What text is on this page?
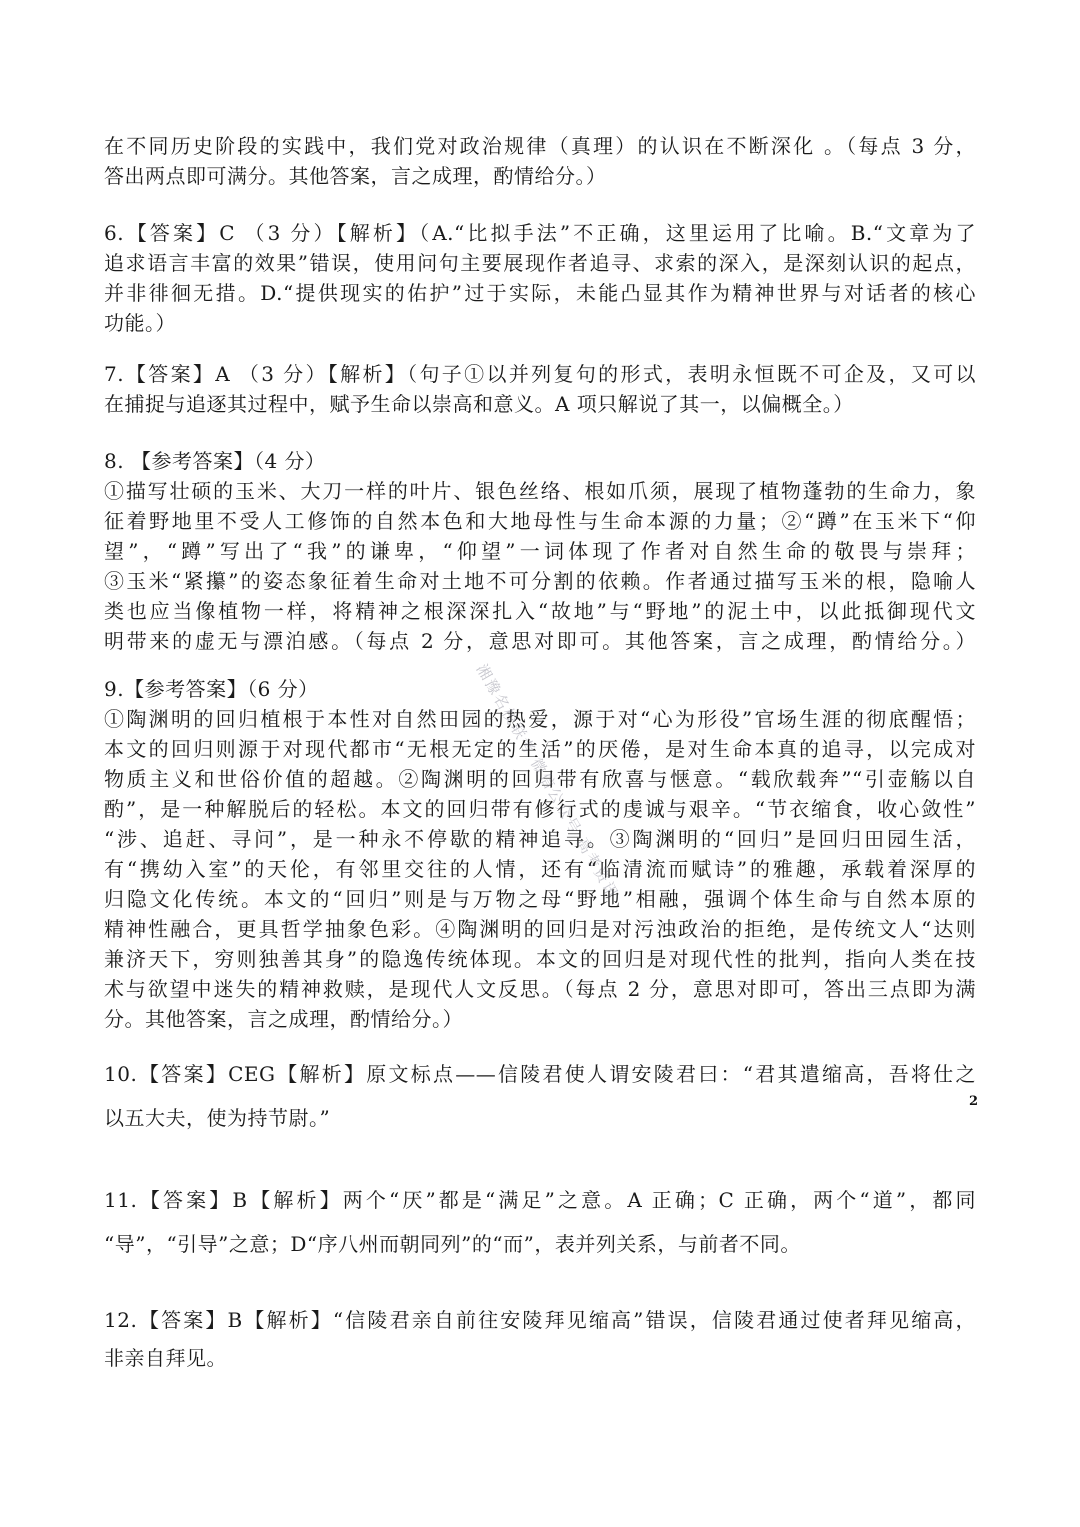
在不同历史阶段的实践中，我们党对政治规律（真理）的认识在不断深化 。（每点 3 分，
答出两点即可满分。其他答案，言之成理，酌情给分。）
6.【答案】C （3 分）【解析】（A.“比拟手法”不正确，这里运用了比喻。B.“文章为了
追求语言丰富的效果”错误，使用问句主要展现作者追寻、求索的深入，是深刻认识的起点，
并非徘徊无措。D.“提供现实的佑护”过于实际，未能凸显其作为精神世界与对话者的核心
功能。）
7.【答案】A （3 分）【解析】（句子①以并列复句的形式，表明永恒既不可企及，又可以
在捕捉与追逐其过程中，赋予生命以崇高和意义。A 项只解说了其一，以偏概全。）
8. 【参考答案】（4 分）
①描写壮硕的玉米、大刀一样的叶片、银色丝络、根如爪须，展现了植物蓬勃的生命力，象
征着野地里不受人工修饰的自然本色和大地母性与生命本源的力量；②“蹲”在玉米下“仰
望”，“蹲”写出了“我”的谦卑，“仰望”一词体现了作者对自然生命的敬畏与崇拜；
③玉米“紧攥”的姿态象征着生命对土地不可分割的依赖。作者通过描写玉米的根，隐喻人
类也应当像植物一样，将精神之根深深扎入“故地”与“野地”的泥土中，以此抵御现代文
明带来的虚无与漂泊感。（每点 2 分，意思对即可。其他答案，言之成理，酌情给分。）
9.【参考答案】（6 分）
①陶渊明的回归植根于本性对自然田园的热爱，源于对“心为形役”官场生涯的彻底醒悟；
本文的回归则源于对现代都市“无根无定的生活”的厌倦，是对生命本真的追寻，以完成对
物质主义和世俗价值的超越。②陶渊明的回归带有欣喜与惬意。“载欣载奔”“引壶觞以自
酌”，是一种解脱后的轻松。本文的回归带有修行式的虔诚与艰辛。“节衣缩食，收心敛性”
“涉、追赶、寻问”，是一种永不停歇的精神追寻。③陶渊明的“回归”是回归田园生活，
有“携幼入室”的天伦，有邻里交往的人情，还有“临清流而赋诗”的雅趣，承载着深厚的
归隐文化传统。本文的“回归”则是与万物之母“野地”相融，强调个体生命与自然本原的
精神性融合，更具哲学抽象色彩。④陶渊明的回归是对污浊政治的拒绝，是传统文人“达则
兼济天下，穷则独善其身”的隐逸传统体现。本文的回归是对现代性的批判，指向人类在技
术与欲望中迷失的精神救赎，是现代人文反思。（每点 2 分，意思对即可，答出三点即为满
分。其他答案，言之成理，酌情给分。）
10.【答案】CEG【解析】原文标点——信陵君使人谓安陵君曰：“君其遣缩高，吾将仕之
以五大夫，使为持节尉。”
11.【答案】B【解析】两个“厌”都是“满足”之意。A 正确；C 正确，两个“道”，都同
“导”，“引导”之意；D“序八州而朝同列”的“而”，表并列关系，与前者不同。
12.【答案】B【解析】“信陵君亲自前往安陵拜见缩高”错误，信陵君通过使者拜见缩高，
非亲自拜见。
湘豫名校联考 微信公众号 高考资讯
2
